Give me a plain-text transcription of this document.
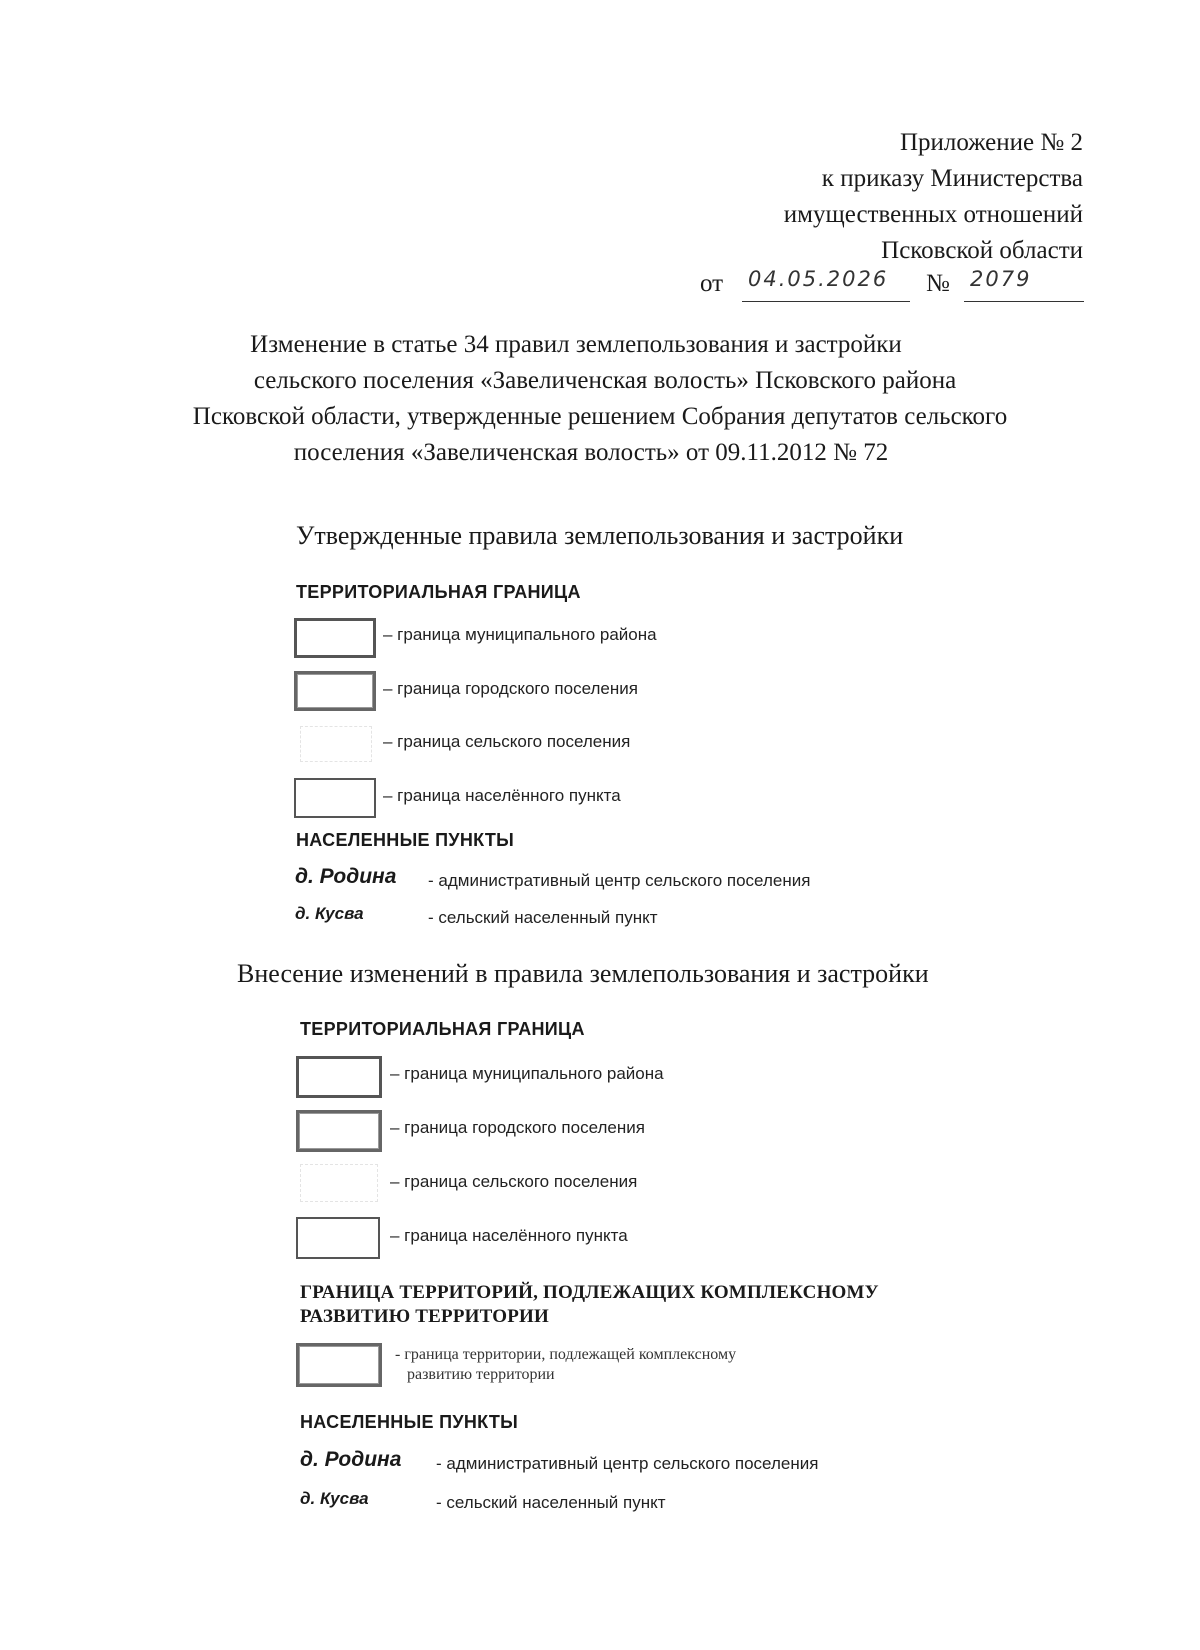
Приложение № 2
к приказу Министерства
имущественных отношений
Псковской области
от 04.05.2026 № 2079
Изменение в статье 34 правил землепользования и застройки
сельского поселения «Завеличенская волость» Псковского района
Псковской области, утвержденные решением Собрания депутатов сельского
поселения «Завеличенская волость» от 09.11.2012 № 72
Утвержденные правила землепользования и застройки
ТЕРРИТОРИАЛЬНАЯ ГРАНИЦА
– граница муниципального района
– граница городского поселения
– граница сельского поселения
– граница населённого пункта
НАСЕЛЕННЫЕ ПУНКТЫ
д. Родина - административный центр сельского поселения
д. Кусва	- сельский населенный пункт
Внесение изменений в правила землепользования и застройки
ТЕРРИТОРИАЛЬНАЯ ГРАНИЦА
– граница муниципального района
– граница городского поселения
– граница сельского поселения
– граница населённого пункта
ГРАНИЦА ТЕРРИТОРИЙ, ПОДЛЕЖАЩИХ КОМПЛЕКСНОМУ
РАЗВИТИЮ ТЕРРИТОРИИ
- граница территории, подлежащей комплексному
развитию территории
НАСЕЛЕННЫЕ ПУНКТЫ
д. Родина - административный центр сельского поселения
д. Кусва	- сельский населенный пункт
